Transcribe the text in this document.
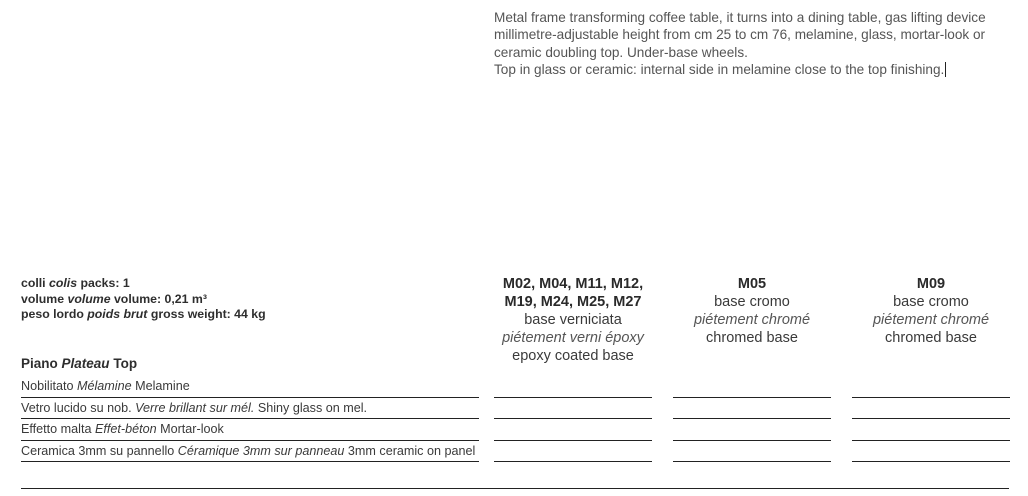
Metal frame transforming coffee table, it turns into a dining table, gas lifting device millimetre-adjustable height from cm 25 to cm 76, melamine, glass, mortar-look or ceramic doubling top. Under-base wheels.

Top in glass or ceramic: internal side in melamine close to the top finishing.

colli colis packs: 1
volume volume volume: 0,21 m³
peso lordo poids brut gross weight: 44 kg
Piano Plateau Top
Nobilitato Mélamine Melamine
Vetro lucido su nob. Verre brillant sur mél. Shiny glass on mel.
Effetto malta Effet-béton Mortar-look
Ceramica 3mm su pannello Céramique 3mm sur panneau 3mm ceramic on panel
M02, M04, M11, M12,
M19, M24, M25, M27
base verniciata
piétement verni époxy
epoxy coated base
M05
base cromo
piétement chromé
chromed base
M09
base cromo
piétement chromé
chromed base
